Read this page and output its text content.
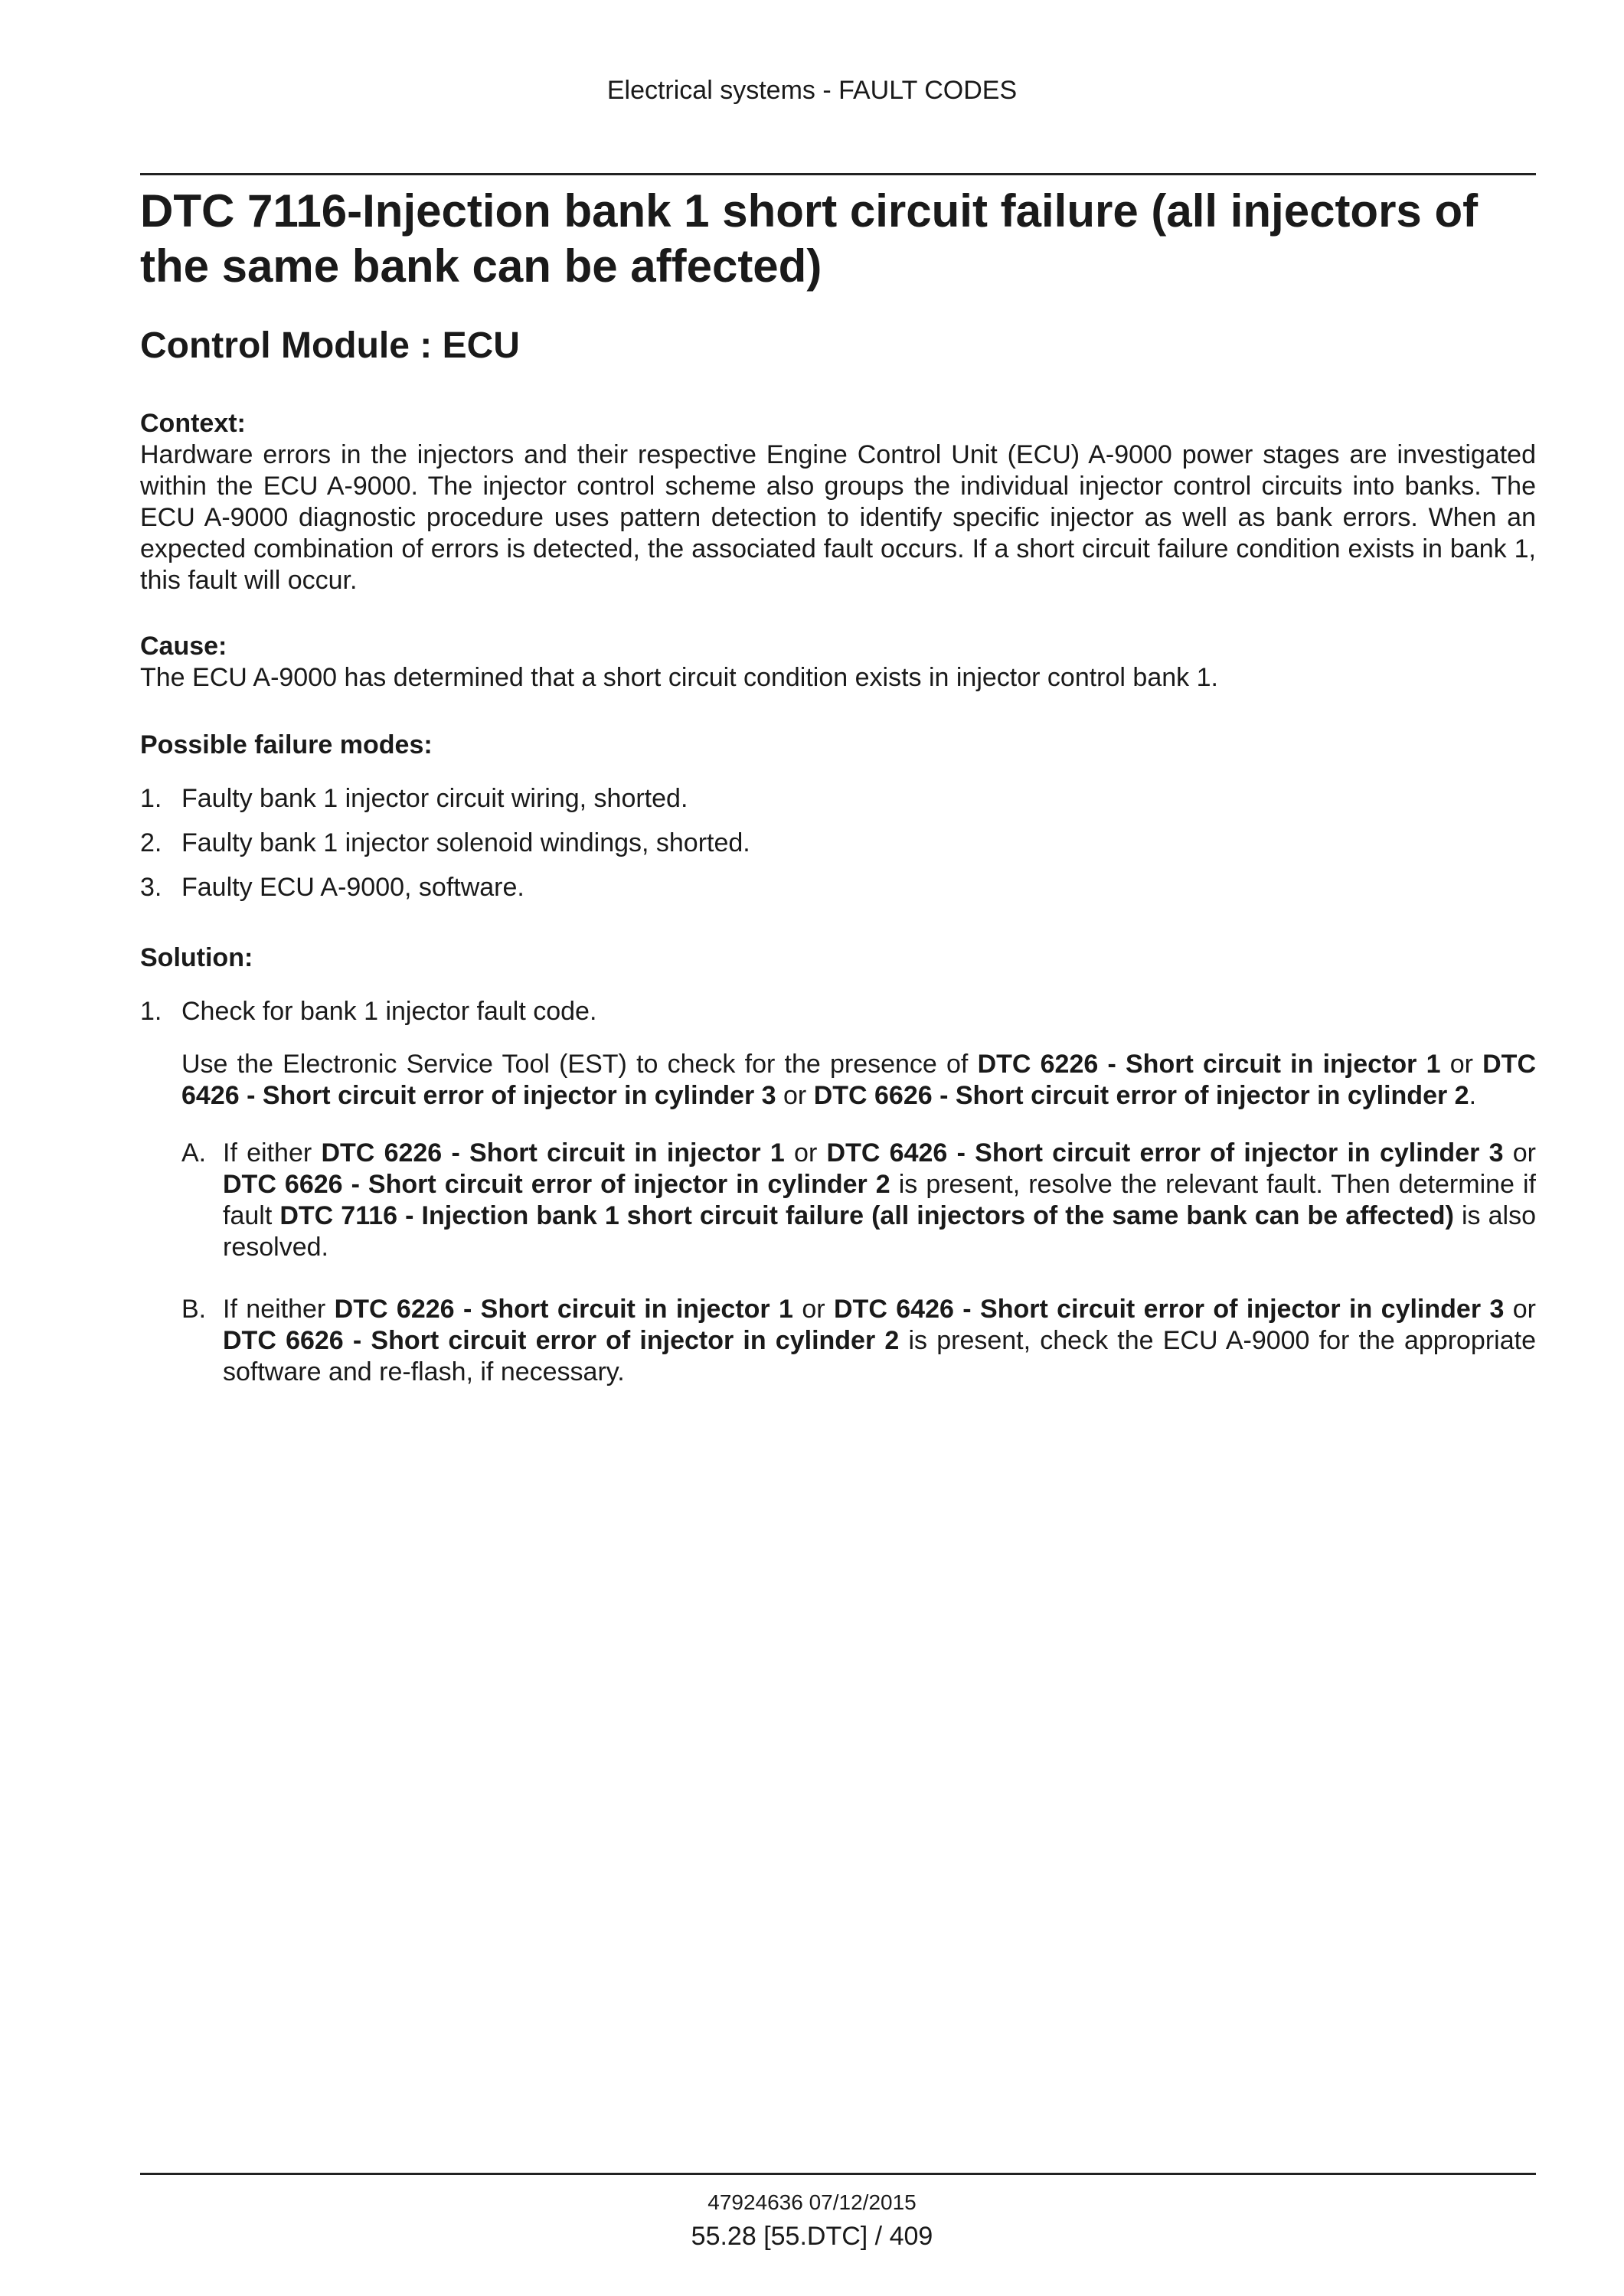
Electrical systems - FAULT CODES
DTC 7116-Injection bank 1 short circuit failure (all injectors of the same bank can be affected)
Control Module : ECU
Context:
Hardware errors in the injectors and their respective Engine Control Unit (ECU) A-9000 power stages are investigated within the ECU A-9000. The injector control scheme also groups the individual injector control circuits into banks. The ECU A-9000 diagnostic procedure uses pattern detection to identify specific injector as well as bank errors. When an expected combination of errors is detected, the associated fault occurs. If a short circuit failure condition exists in bank 1, this fault will occur.
Cause:
The ECU A-9000 has determined that a short circuit condition exists in injector control bank 1.
Possible failure modes:
1. Faulty bank 1 injector circuit wiring, shorted.
2. Faulty bank 1 injector solenoid windings, shorted.
3. Faulty ECU A-9000, software.
Solution:
1. Check for bank 1 injector fault code.
Use the Electronic Service Tool (EST) to check for the presence of DTC 6226 - Short circuit in injector 1 or DTC 6426 - Short circuit error of injector in cylinder 3 or DTC 6626 - Short circuit error of injector in cylinder 2.
A. If either DTC 6226 - Short circuit in injector 1 or DTC 6426 - Short circuit error of injector in cylinder 3 or DTC 6626 - Short circuit error of injector in cylinder 2 is present, resolve the relevant fault. Then determine if fault DTC 7116 - Injection bank 1 short circuit failure (all injectors of the same bank can be affected) is also resolved.
B. If neither DTC 6226 - Short circuit in injector 1 or DTC 6426 - Short circuit error of injector in cylinder 3 or DTC 6626 - Short circuit error of injector in cylinder 2 is present, check the ECU A-9000 for the appropriate software and re-flash, if necessary.
47924636 07/12/2015
55.28 [55.DTC] / 409
